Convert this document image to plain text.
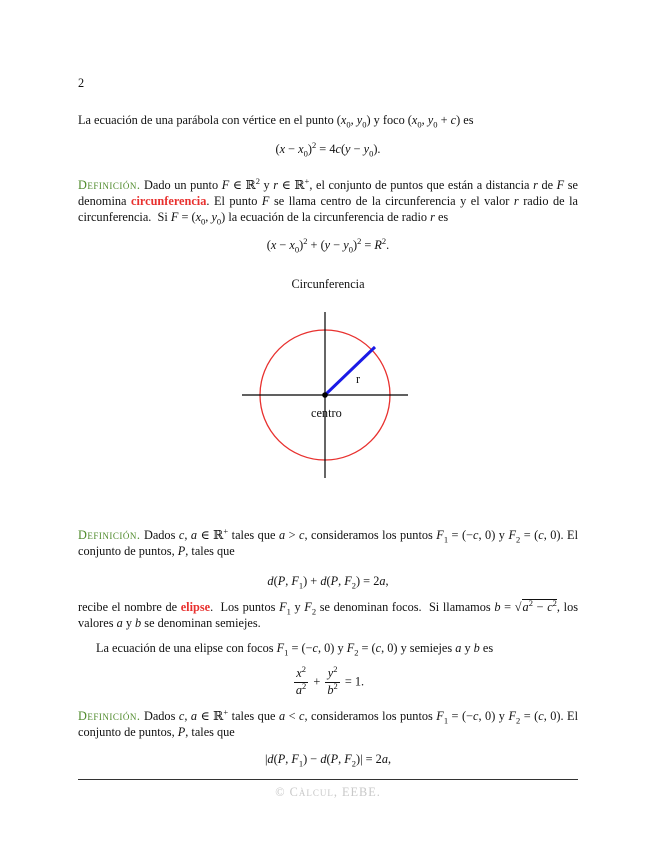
2
La ecuación de una parábola con vértice en el punto ($x_0$, $y_0$) y foco ($x_0$, $y_0 + c$) es
$(x - x_0)^2 = 4c(y - y_0)$.
Definición. Dado un punto F ∈ ℝ$^2$ y r ∈ ℝ+, el conjunto de puntos que están a distancia r de F se denomina circunferencia. El punto F se llama centro de la circunferencia y el valor r radio de la circunferencia.  Si $F = (x_0$, $y_0$) la ecuación de la circunferencia de radio r es
$(x - x_0)^2 + (y - y_0)^2 = R^2$.
Circunferencia
r
centro
Definición. Dados c, a ∈ ℝ+ tales que a > c, consideramos los puntos $F_1 = (-c$, 0) y $F_2 = (c$, 0). El conjunto de puntos, P, tales que
d(P, $F_1) + d(P$, $F_2) = 2a$,
recibe el nombre de elipse.  Los puntos $F_1$ y $F_2$ se denominan focos.  Si llamamos $b = √a^2 - c^2$, los valores a y b se denominan semiejes.
La ecuación de una elipse con focos $F_1 = (-c$, 0) y $F_2 = (c$, 0) y semiejes a y b es
$\frac{x^2}{a^2} + \frac{y^2}{b^2} = 1$.
Definición. Dados c, a ∈ ℝ+ tales que a < c, consideramos los puntos $F_1 = (-c$, 0) y $F_2 = (c$, 0). El conjunto de puntos, P, tales que
|d(P, $F_1) - d(P$, $F_2)| = 2a$,
© Càlcul, EEBE.
